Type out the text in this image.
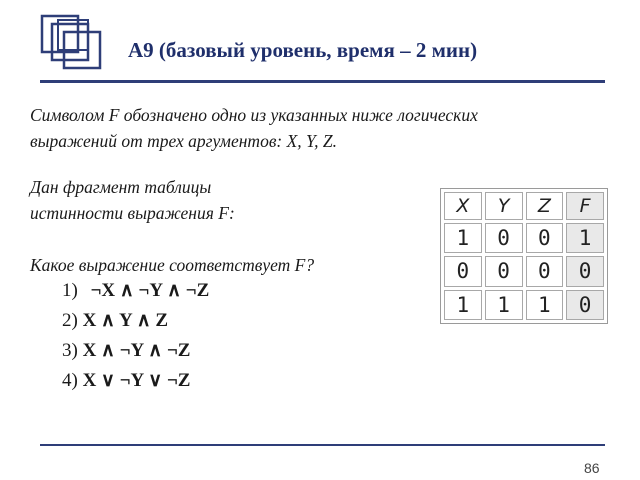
А9 (базовый уровень, время – 2 мин)
Символом F обозначено одно из указанных ниже логических
выражений от трех аргументов: X, Y, Z.
Дан фрагмент таблицы
истинности выражения F:
Какое выражение соответствует F?
1) ¬X ∧ ¬Y ∧ ¬Z
2) X ∧ Y ∧ Z
3) X ∧ ¬Y ∧ ¬Z
4) X ∨ ¬Y ∨ ¬Z
X	Y	Z	F
1	0	0	1
0	0	0	0
1	1	1	0
86
